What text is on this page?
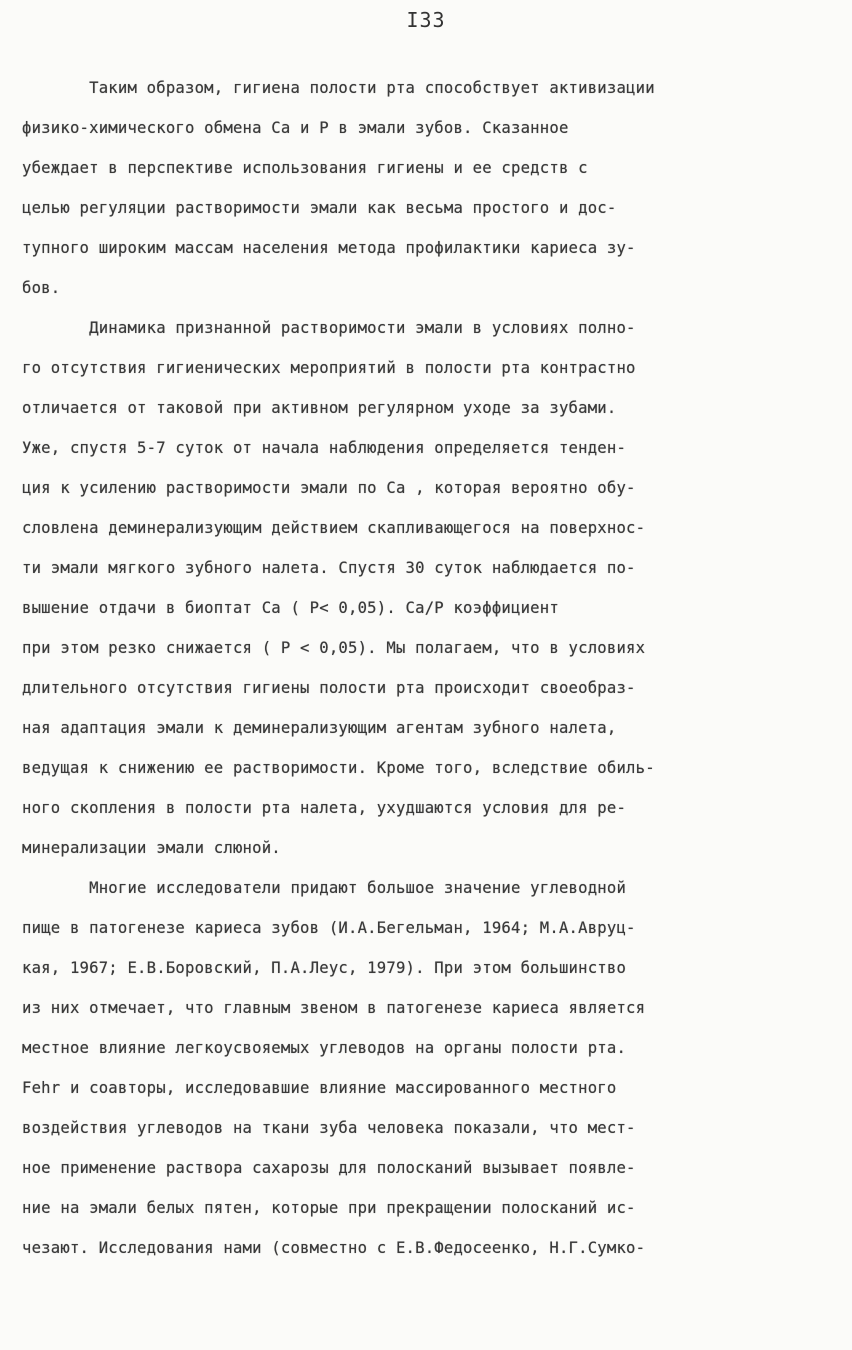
I33
Таким образом, гигиена полости рта способствует активизации
физико-химического обмена Ca и P в эмали зубов. Сказанное
убеждает в перспективе использования гигиены и ее средств с
целью регуляции растворимости эмали как весьма простого и дос-
тупного широким массам населения метода профилактики кариеса зу-
бов.
Динамика признанной растворимости эмали в условиях полно-
го отсутствия гигиенических мероприятий в полости рта контрастно
отличается от таковой при активном регулярном уходе за зубами.
Уже, спустя 5-7 суток от начала наблюдения определяется тенден-
ция к усилению растворимости эмали по Ca , которая вероятно обу-
словлена деминерализующим действием скапливающегося на поверхнос-
ти эмали мягкого зубного налета. Спустя 30 суток наблюдается по-
вышение отдачи в биоптат Ca ( P< 0,05). Ca/P коэффициент
при этом резко снижается ( P < 0,05). Мы полагаем, что в условиях
длительного отсутствия гигиены полости рта происходит своеобраз-
ная адаптация эмали к деминерализующим агентам зубного налета,
ведущая к снижению ее растворимости. Кроме того, вследствие обиль-
ного скопления в полости рта налета, ухудшаются условия для ре-
минерализации эмали слюной.
Многие исследователи придают большое значение углеводной
пище в патогенезе кариеса зубов (И.А.Бегельман, 1964; М.А.Авруц-
кая, 1967; Е.В.Боровский, П.А.Леус, 1979). При этом большинство
из них отмечает, что главным звеном в патогенезе кариеса является
местное влияние легкоусвояемых углеводов на органы полости рта.
Fehr и соавторы, исследовавшие влияние массированного местного
воздействия углеводов на ткани зуба человека показали, что мест-
ное применение раствора сахарозы для полосканий вызывает появле-
ние на эмали белых пятен, которые при прекращении полосканий ис-
чезают. Исследования нами (совместно с Е.В.Федосеенко, Н.Г.Сумко-
